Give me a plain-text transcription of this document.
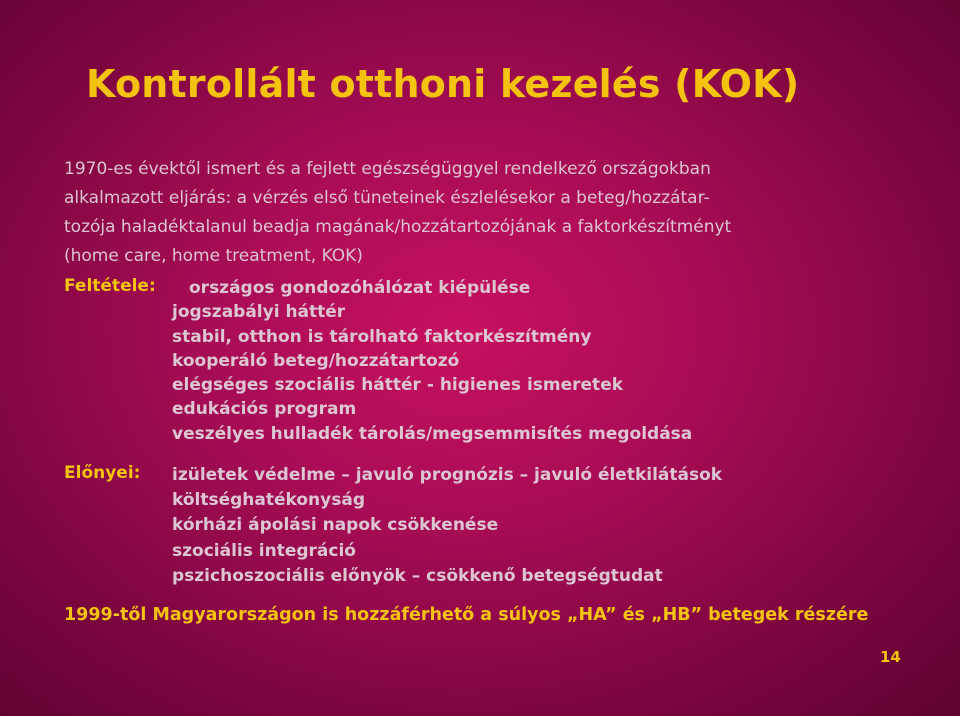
Kontrollált otthoni kezelés (KOK)
1970-es évektől ismert és a fejlett egészségüggyel rendelkező országokban
alkalmazott eljárás: a vérzés első tüneteinek észlelésekor a beteg/hozzátar-
tozója haladéktalanul beadja magának/hozzátartozójának a faktorkészítményt
(home care, home treatment, KOK)
Feltétele: országos gondozóhálózat kiépülése
jogszabályi háttér
stabil, otthon is tárolható faktorkészítmény
kooperáló beteg/hozzátartozó
elégséges szociális háttér - higienes ismeretek
edukációs program
veszélyes hulladék tárolás/megsemmisítés megoldása
Előnyei: izületek védelme – javuló prognózis – javuló életkilátások
költséghatékonyság
kórházi ápolási napok csökkenése
szociális integráció
pszichoszociális előnyök – csökkenő betegségtudat
1999-től Magyarországon is hozzáférhető a súlyos „HA” és „HB” betegek részére
14
